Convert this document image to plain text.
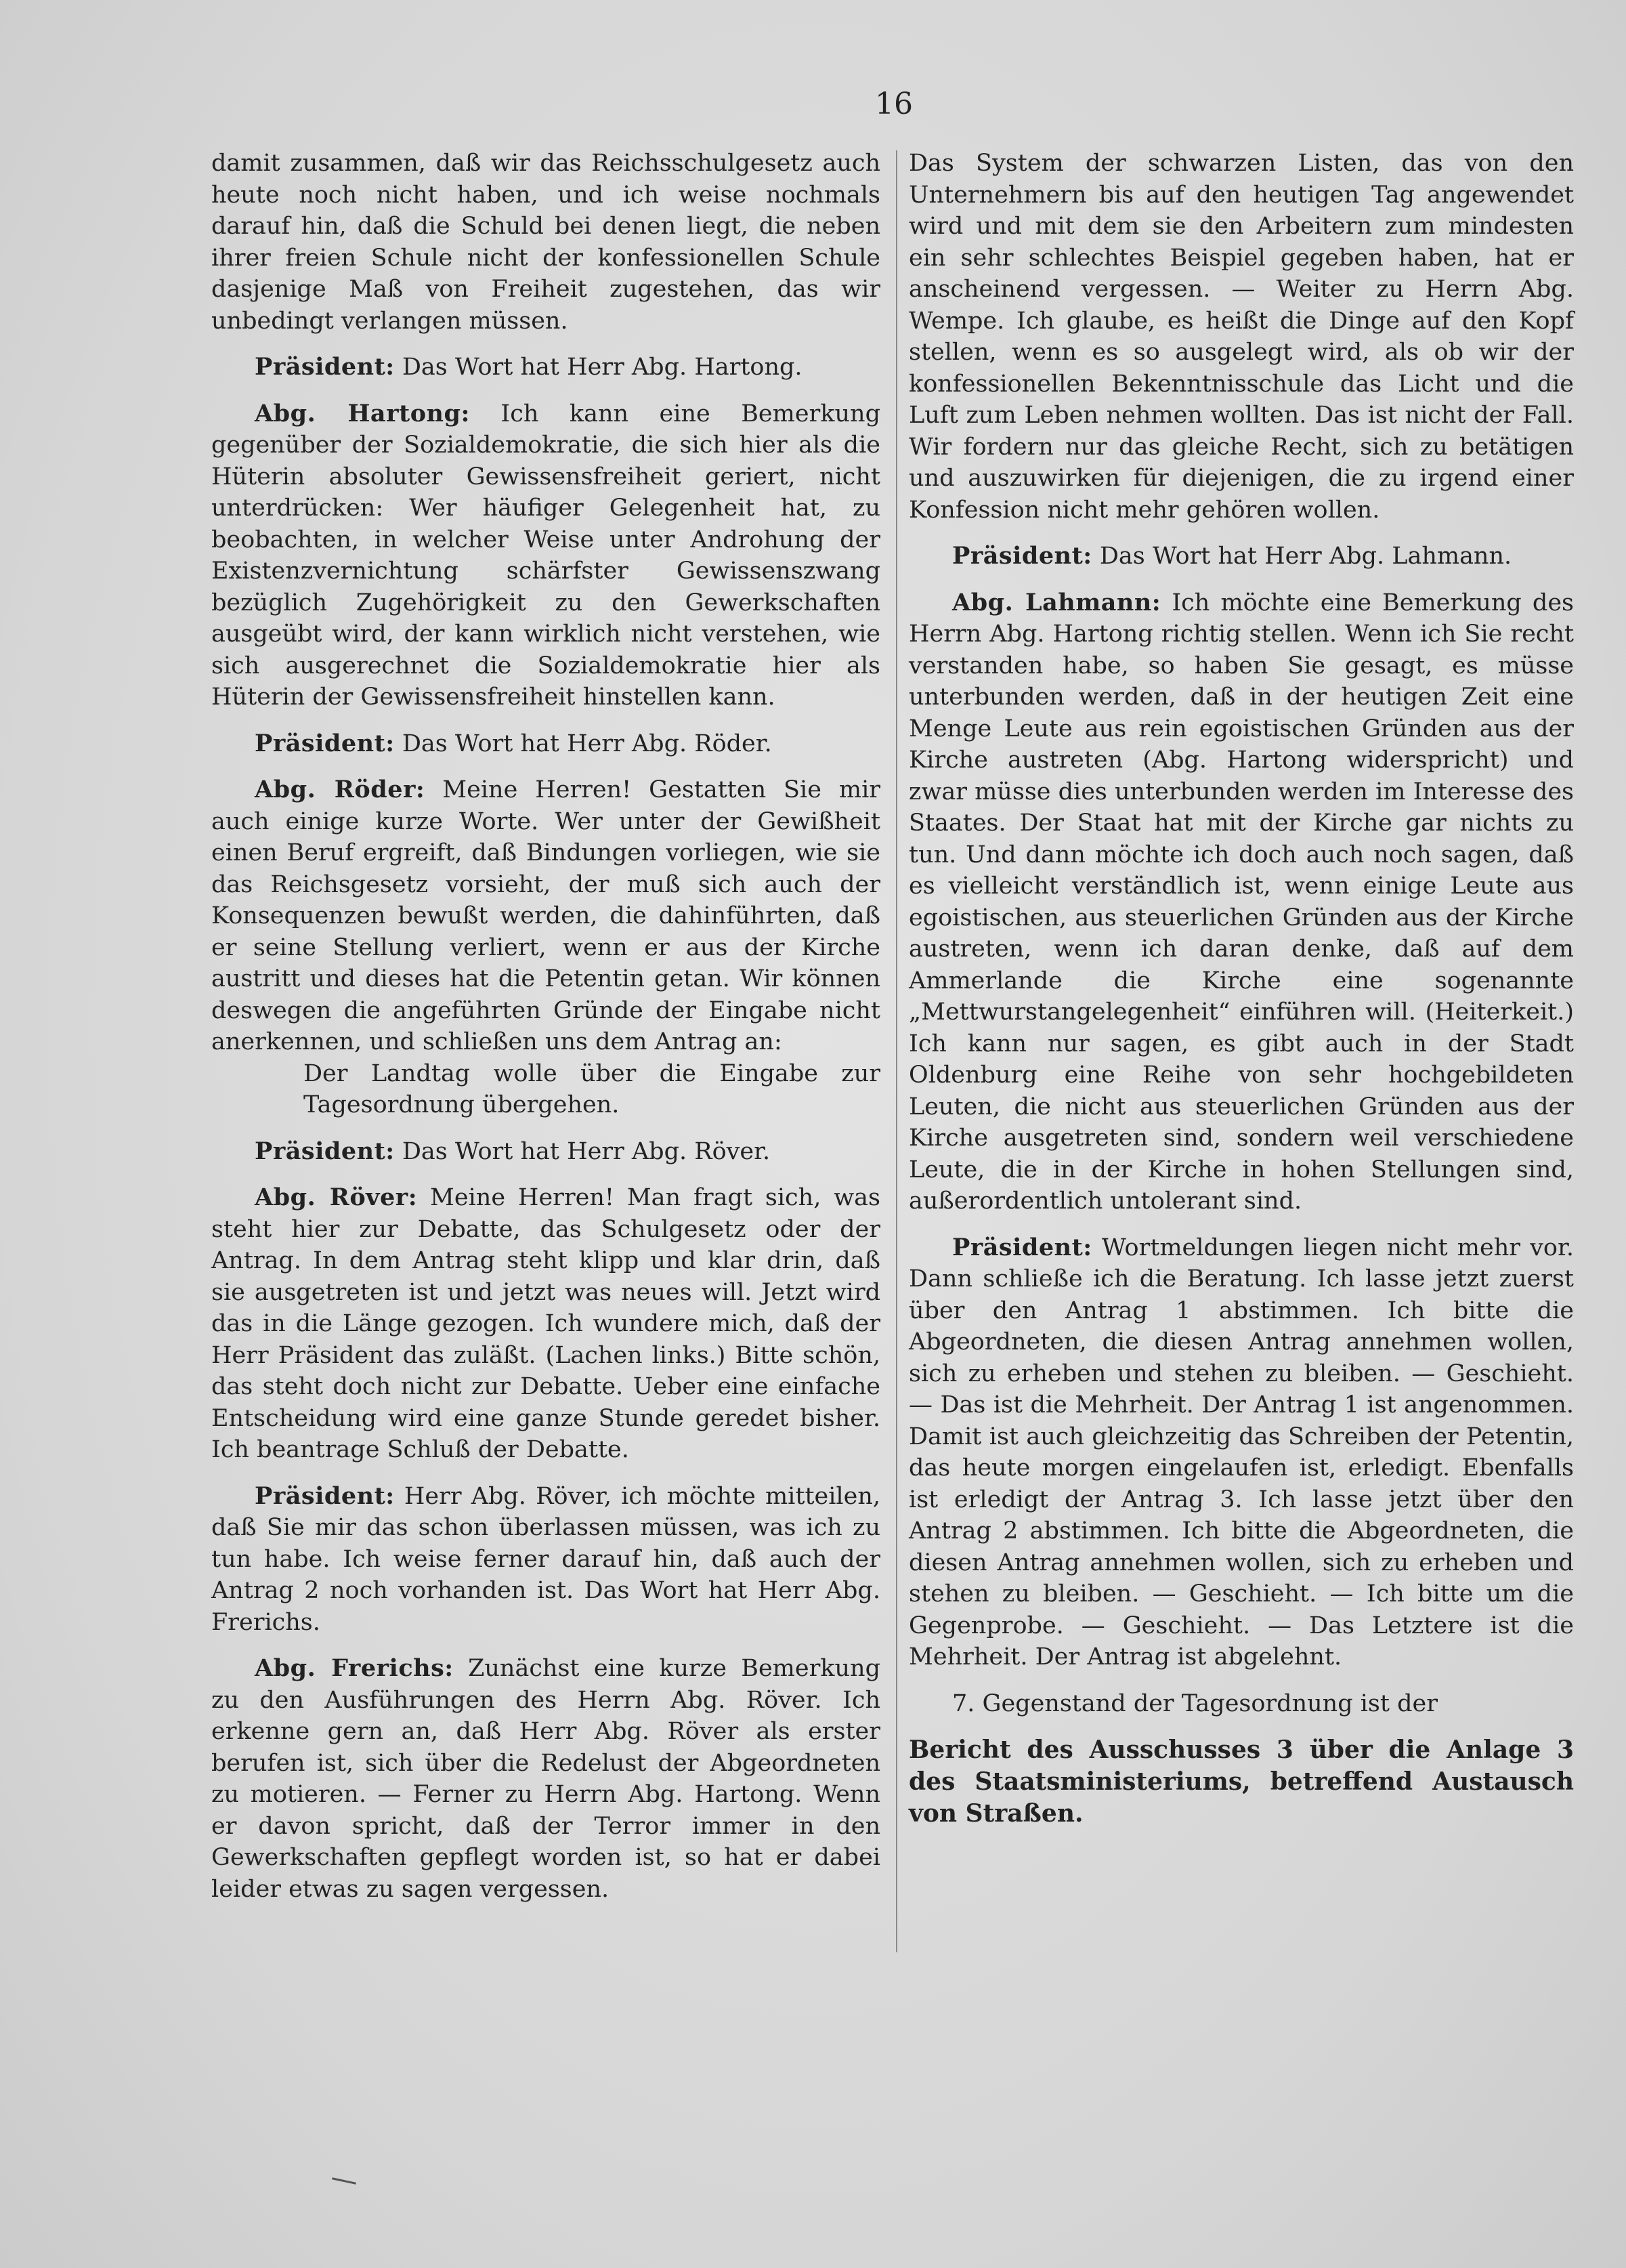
16

damit zusammen, daß wir das Reichsschulgesetz auch heute noch nicht haben, und ich weise nochmals darauf hin, daß die Schuld bei denen liegt, die neben ihrer freien Schule nicht der konfessionellen Schule dasjenige Maß von Freiheit zugestehen, das wir unbedingt verlangen müssen.

Präsident: Das Wort hat Herr Abg. Hartong.

Abg. Hartong: Ich kann eine Bemerkung gegenüber der Sozialdemokratie, die sich hier als die Hüterin absoluter Gewissensfreiheit geriert, nicht unterdrücken: Wer häufiger Gelegenheit hat, zu beobachten, in welcher Weise unter Androhung der Existenzvernichtung schärfster Gewissenszwang bezüglich Zugehörigkeit zu den Gewerkschaften ausgeübt wird, der kann wirklich nicht verstehen, wie sich ausgerechnet die Sozialdemokratie hier als Hüterin der Gewissensfreiheit hinstellen kann.

Präsident: Das Wort hat Herr Abg. Röder.

Abg. Röder: Meine Herren! Gestatten Sie mir auch einige kurze Worte. Wer unter der Gewißheit einen Beruf ergreift, daß Bindungen vorliegen, wie sie das Reichsgesetz vorsieht, der muß sich auch der Konsequenzen bewußt werden, die dahinführten, daß er seine Stellung verliert, wenn er aus der Kirche austritt und dieses hat die Petentin getan. Wir können deswegen die angeführten Gründe der Eingabe nicht anerkennen, und schließen uns dem Antrag an:

Der Landtag wolle über die Eingabe zur Tagesordnung übergehen.

Präsident: Das Wort hat Herr Abg. Röver.

Abg. Röver: Meine Herren! Man fragt sich, was steht hier zur Debatte, das Schulgesetz oder der Antrag. In dem Antrag steht klipp und klar drin, daß sie ausgetreten ist und jetzt was neues will. Jetzt wird das in die Länge gezogen. Ich wundere mich, daß der Herr Präsident das zuläßt. (Lachen links.) Bitte schön, das steht doch nicht zur Debatte. Ueber eine einfache Entscheidung wird eine ganze Stunde geredet bisher. Ich beantrage Schluß der Debatte.

Präsident: Herr Abg. Röver, ich möchte mitteilen, daß Sie mir das schon überlassen müssen, was ich zu tun habe. Ich weise ferner darauf hin, daß auch der Antrag 2 noch vorhanden ist. Das Wort hat Herr Abg. Frerichs.

Abg. Frerichs: Zunächst eine kurze Bemerkung zu den Ausführungen des Herrn Abg. Röver. Ich erkenne gern an, daß Herr Abg. Röver als erster berufen ist, sich über die Redelust der Abgeordneten zu motieren. — Ferner zu Herrn Abg. Hartong. Wenn er davon spricht, daß der Terror immer in den Gewerkschaften gepflegt worden ist, so hat er dabei leider etwas zu sagen vergessen.

Das System der schwarzen Listen, das von den Unternehmern bis auf den heutigen Tag angewendet wird und mit dem sie den Arbeitern zum mindesten ein sehr schlechtes Beispiel gegeben haben, hat er anscheinend vergessen. — Weiter zu Herrn Abg. Wempe. Ich glaube, es heißt die Dinge auf den Kopf stellen, wenn es so ausgelegt wird, als ob wir der konfessionellen Bekenntnisschule das Licht und die Luft zum Leben nehmen wollten. Das ist nicht der Fall. Wir fordern nur das gleiche Recht, sich zu betätigen und auszuwirken für diejenigen, die zu irgend einer Konfession nicht mehr gehören wollen.

Präsident: Das Wort hat Herr Abg. Lahmann.

Abg. Lahmann: Ich möchte eine Bemerkung des Herrn Abg. Hartong richtig stellen. Wenn ich Sie recht verstanden habe, so haben Sie gesagt, es müsse unterbunden werden, daß in der heutigen Zeit eine Menge Leute aus rein egoistischen Gründen aus der Kirche austreten (Abg. Hartong widerspricht) und zwar müsse dies unterbunden werden im Interesse des Staates. Der Staat hat mit der Kirche gar nichts zu tun. Und dann möchte ich doch auch noch sagen, daß es vielleicht verständlich ist, wenn einige Leute aus egoistischen, aus steuerlichen Gründen aus der Kirche austreten, wenn ich daran denke, daß auf dem Ammerlande die Kirche eine sogenannte „Mettwurstangelegenheit“ einführen will. (Heiterkeit.) Ich kann nur sagen, es gibt auch in der Stadt Oldenburg eine Reihe von sehr hochgebildeten Leuten, die nicht aus steuerlichen Gründen aus der Kirche ausgetreten sind, sondern weil verschiedene Leute, die in der Kirche in hohen Stellungen sind, außerordentlich untolerant sind.

Präsident: Wortmeldungen liegen nicht mehr vor. Dann schließe ich die Beratung. Ich lasse jetzt zuerst über den Antrag 1 abstimmen. Ich bitte die Abgeordneten, die diesen Antrag annehmen wollen, sich zu erheben und stehen zu bleiben. — Geschieht. — Das ist die Mehrheit. Der Antrag 1 ist angenommen. Damit ist auch gleichzeitig das Schreiben der Petentin, das heute morgen eingelaufen ist, erledigt. Ebenfalls ist erledigt der Antrag 3. Ich lasse jetzt über den Antrag 2 abstimmen. Ich bitte die Abgeordneten, die diesen Antrag annehmen wollen, sich zu erheben und stehen zu bleiben. — Geschieht. — Ich bitte um die Gegenprobe. — Geschieht. — Das Letztere ist die Mehrheit. Der Antrag ist abgelehnt.

7. Gegenstand der Tagesordnung ist der

Bericht des Ausschusses 3 über die Anlage 3 des Staatsministeriums, betreffend Austausch von Straßen.
